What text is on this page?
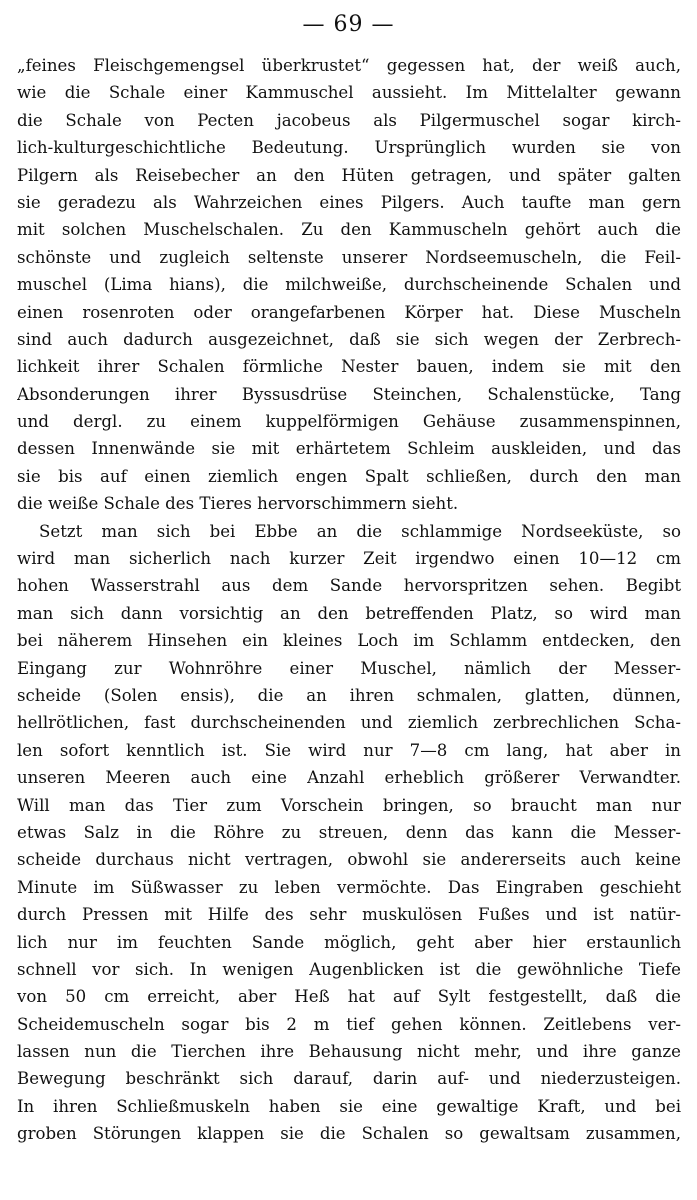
— 69 —
„feines Fleischgemengsel überkrustet“ gegessen hat, der weiß auch,
wie die Schale einer Kammuschel aussieht. Im Mittelalter gewann
die Schale von Pecten jacobeus als Pilgermuschel sogar kirch-
lich-kulturgeschichtliche Bedeutung. Ursprünglich wurden sie von
Pilgern als Reisebecher an den Hüten getragen, und später galten
sie geradezu als Wahrzeichen eines Pilgers. Auch taufte man gern
mit solchen Muschelschalen. Zu den Kammuscheln gehört auch die
schönste und zugleich seltenste unserer Nordseemuscheln, die Feil-
muschel (Lima hians), die milchweiße, durchscheinende Schalen und
einen rosenroten oder orangefarbenen Körper hat. Diese Muscheln
sind auch dadurch ausgezeichnet, daß sie sich wegen der Zerbrech-
lichkeit ihrer Schalen förmliche Nester bauen, indem sie mit den
Absonderungen ihrer Byssusdrüse Steinchen, Schalenstücke, Tang
und dergl. zu einem kuppelförmigen Gehäuse zusammenspinnen,
dessen Innenwände sie mit erhärtetem Schleim auskleiden, und das
sie bis auf einen ziemlich engen Spalt schließen, durch den man
die weiße Schale des Tieres hervorschimmern sieht.
Setzt man sich bei Ebbe an die schlammige Nordseeküste, so
wird man sicherlich nach kurzer Zeit irgendwo einen 10—12 cm
hohen Wasserstrahl aus dem Sande hervorspritzen sehen. Begibt
man sich dann vorsichtig an den betreffenden Platz, so wird man
bei näherem Hinsehen ein kleines Loch im Schlamm entdecken, den
Eingang zur Wohnröhre einer Muschel, nämlich der Messer-
scheide (Solen ensis), die an ihren schmalen, glatten, dünnen,
hellrötlichen, fast durchscheinenden und ziemlich zerbrechlichen Scha-
len sofort kenntlich ist. Sie wird nur 7—8 cm lang, hat aber in
unseren Meeren auch eine Anzahl erheblich größerer Verwandter.
Will man das Tier zum Vorschein bringen, so braucht man nur
etwas Salz in die Röhre zu streuen, denn das kann die Messer-
scheide durchaus nicht vertragen, obwohl sie andererseits auch keine
Minute im Süßwasser zu leben vermöchte. Das Eingraben geschieht
durch Pressen mit Hilfe des sehr muskulösen Fußes und ist natür-
lich nur im feuchten Sande möglich, geht aber hier erstaunlich
schnell vor sich. In wenigen Augenblicken ist die gewöhnliche Tiefe
von 50 cm erreicht, aber Heß hat auf Sylt festgestellt, daß die
Scheidemuscheln sogar bis 2 m tief gehen können. Zeitlebens ver-
lassen nun die Tierchen ihre Behausung nicht mehr, und ihre ganze
Bewegung beschränkt sich darauf, darin auf- und niederzusteigen.
In ihren Schließmuskeln haben sie eine gewaltige Kraft, und bei
groben Störungen klappen sie die Schalen so gewaltsam zusammen,
